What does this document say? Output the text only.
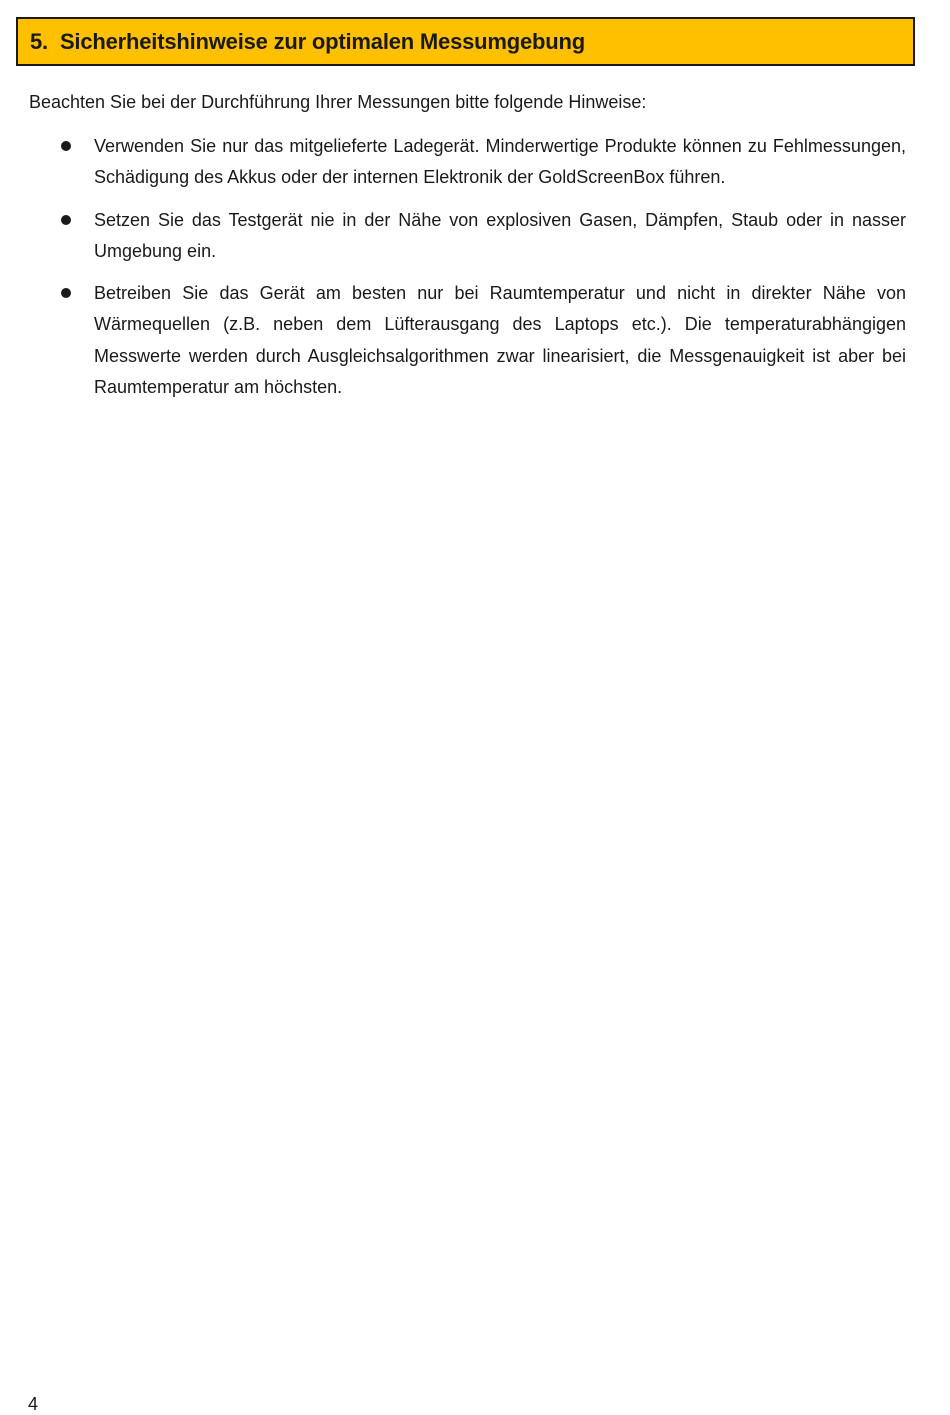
5. Sicherheitshinweise zur optimalen Messumgebung

Beachten Sie bei der Durchführung Ihrer Messungen bitte folgende Hinweise:

Verwenden Sie nur das mitgelieferte Ladegerät. Minderwertige Produkte können zu Fehlmessungen, Schädigung des Akkus oder der internen Elektronik der GoldScreenBox führen.
Setzen Sie das Testgerät nie in der Nähe von explosiven Gasen, Dämpfen, Staub oder in nasser Umgebung ein.
Betreiben Sie das Gerät am besten nur bei Raumtemperatur und nicht in direkter Nähe von Wärmequellen (z.B. neben dem Lüfterausgang des Laptops etc.). Die temperaturabhängigen Messwerte werden durch Ausgleichsalgorithmen zwar linearisiert, die Messgenauigkeit ist aber bei Raumtemperatur am höchsten.
4
